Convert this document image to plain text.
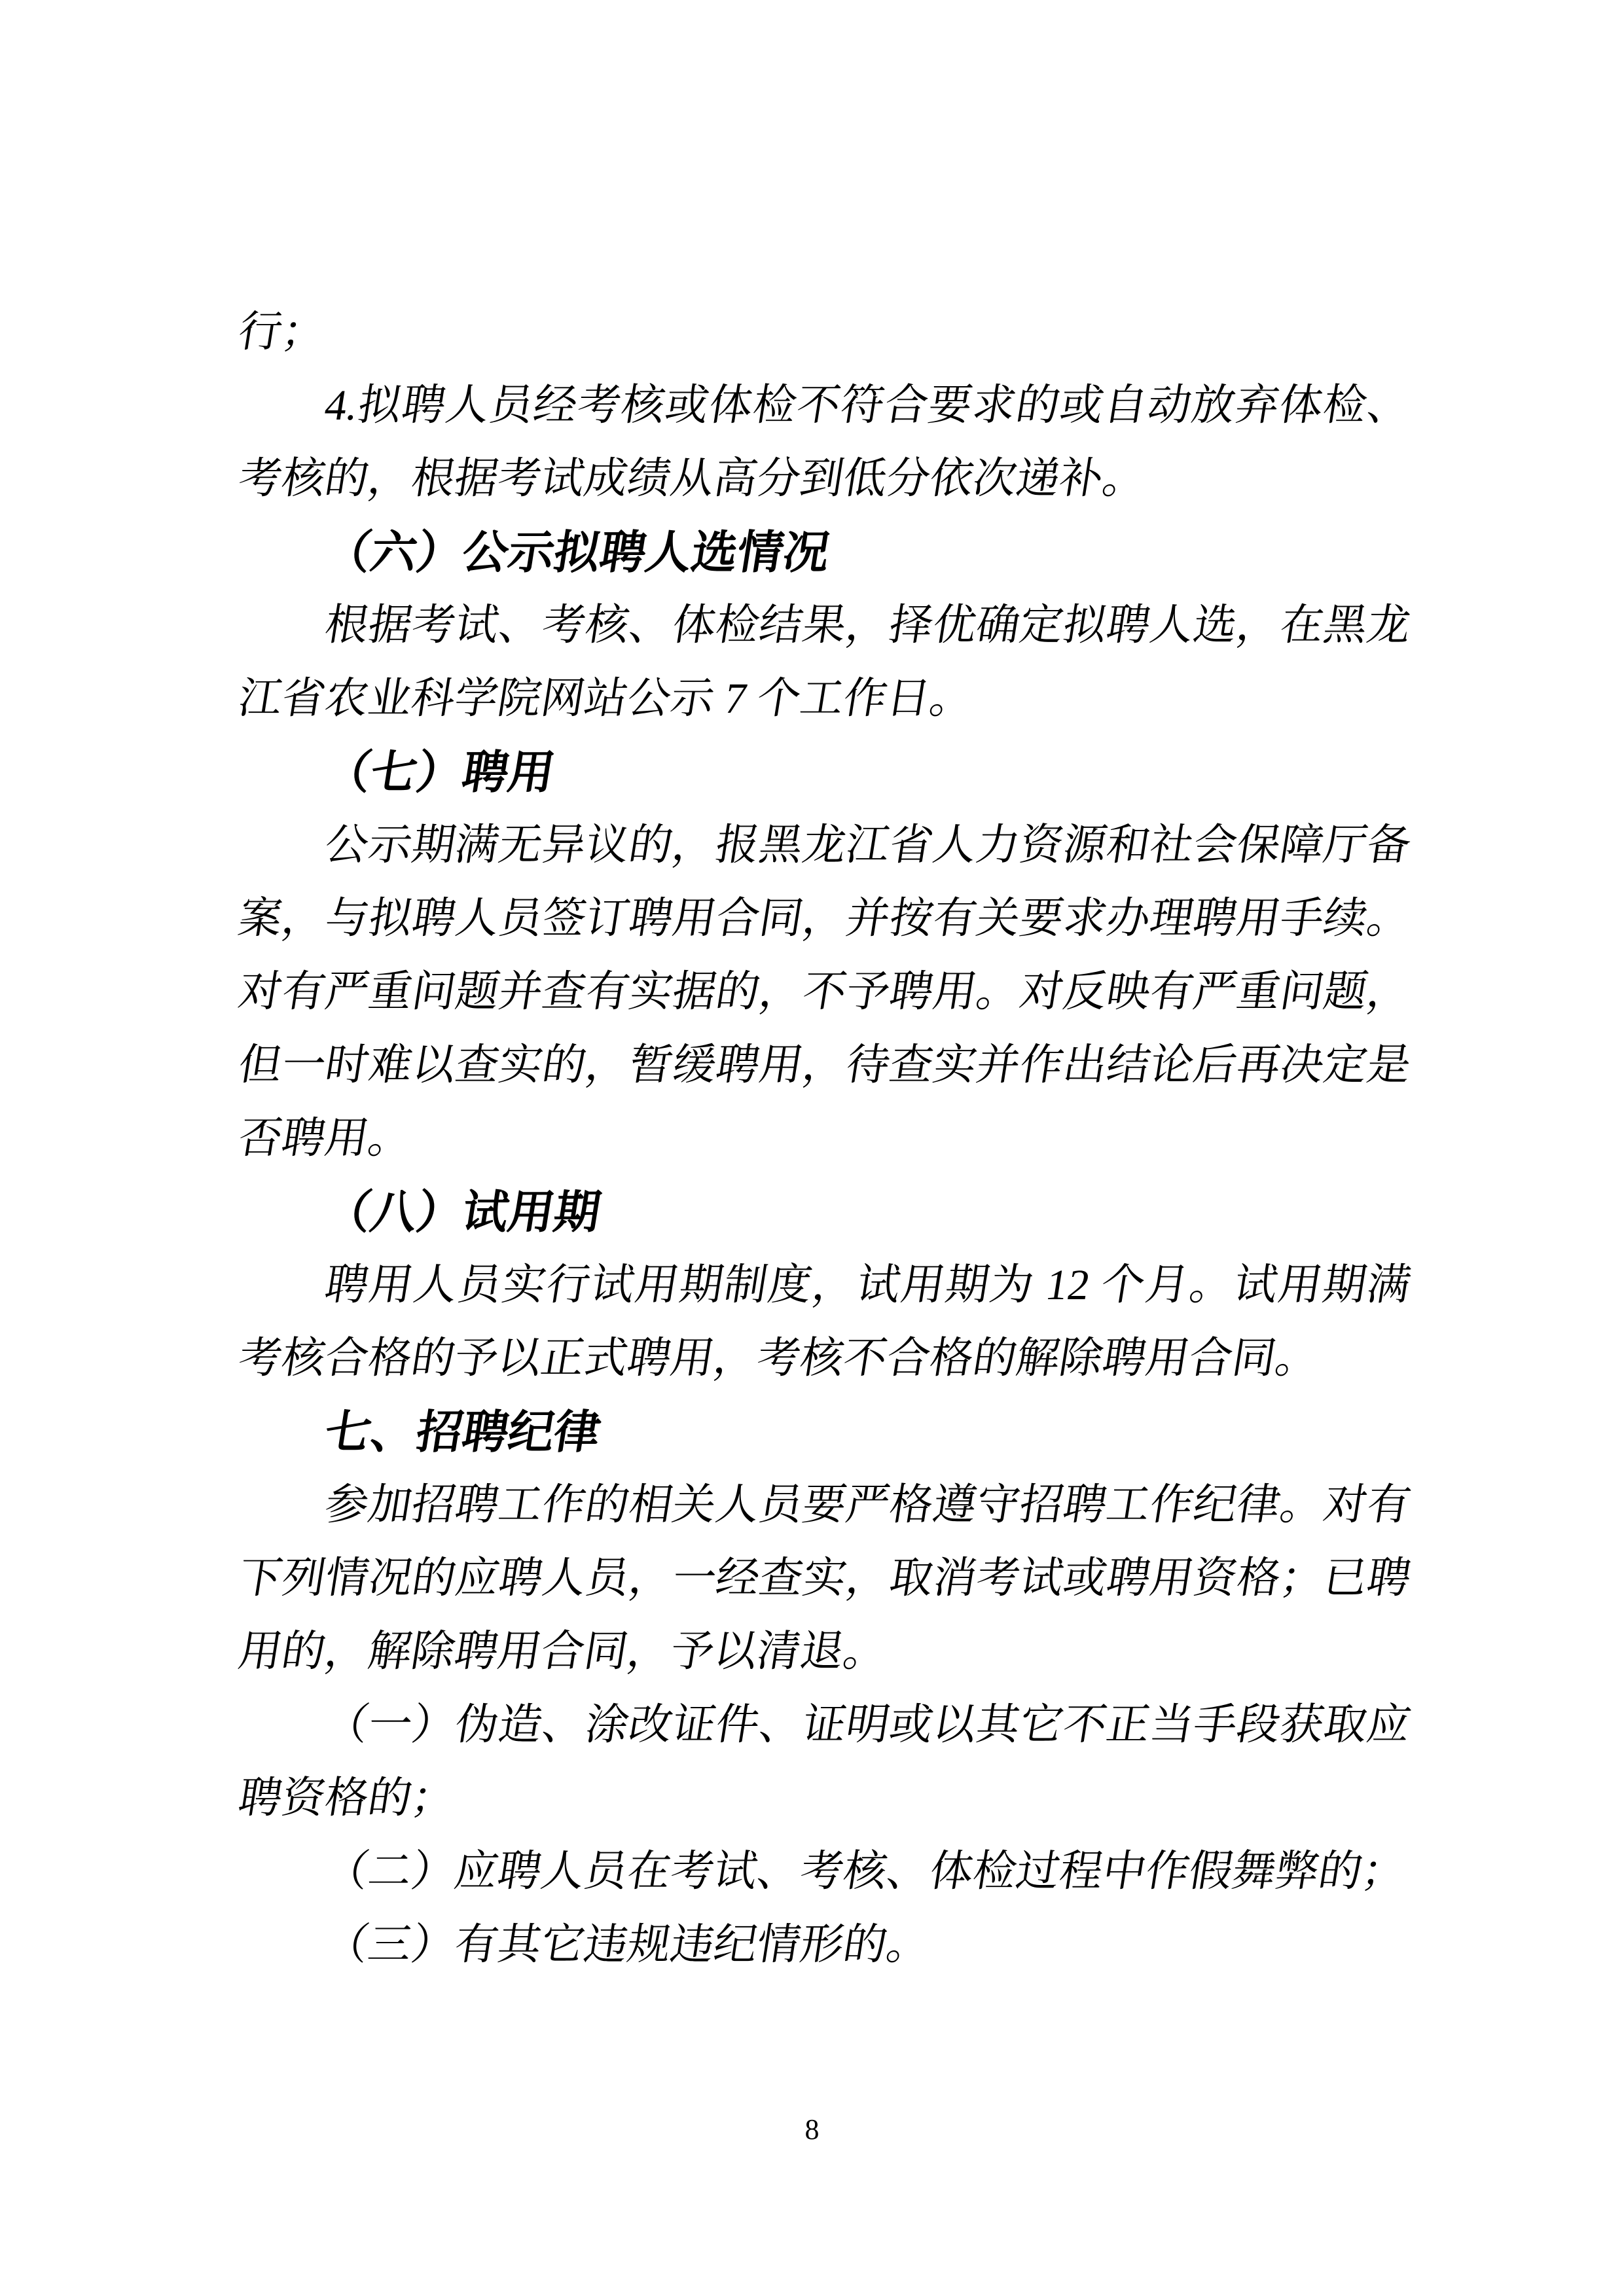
行；
4.拟聘人员经考核或体检不符合要求的或自动放弃体检、
考核的，根据考试成绩从高分到低分依次递补。
（六）公示拟聘人选情况
根据考试、考核、体检结果，择优确定拟聘人选，在黑龙
江省农业科学院网站公示 7 个工作日。
（七）聘用
公示期满无异议的，报黑龙江省人力资源和社会保障厅备
案，与拟聘人员签订聘用合同，并按有关要求办理聘用手续。
对有严重问题并查有实据的，不予聘用。对反映有严重问题，
但一时难以查实的，暂缓聘用，待查实并作出结论后再决定是
否聘用。
（八）试用期
聘用人员实行试用期制度，试用期为 12 个月。试用期满
考核合格的予以正式聘用，考核不合格的解除聘用合同。
七、招聘纪律
参加招聘工作的相关人员要严格遵守招聘工作纪律。对有
下列情况的应聘人员，一经查实，取消考试或聘用资格；已聘
用的，解除聘用合同，予以清退。
（一）伪造、涂改证件、证明或以其它不正当手段获取应
聘资格的；
（二）应聘人员在考试、考核、体检过程中作假舞弊的；
（三）有其它违规违纪情形的。
8
